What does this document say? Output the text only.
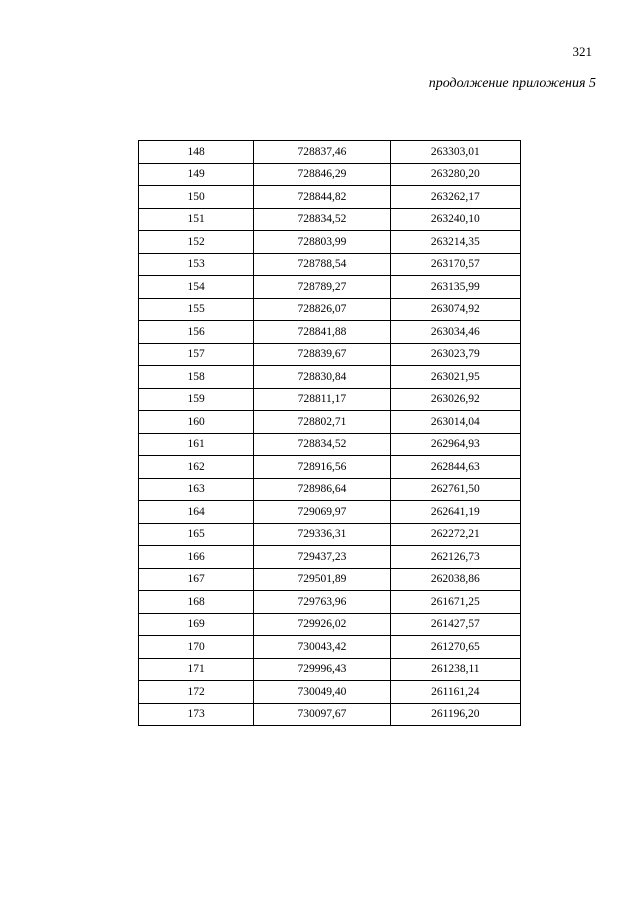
321
продолжение приложения 5
148	728837,46	263303,01
149	728846,29	263280,20
150	728844,82	263262,17
151	728834,52	263240,10
152	728803,99	263214,35
153	728788,54	263170,57
154	728789,27	263135,99
155	728826,07	263074,92
156	728841,88	263034,46
157	728839,67	263023,79
158	728830,84	263021,95
159	728811,17	263026,92
160	728802,71	263014,04
161	728834,52	262964,93
162	728916,56	262844,63
163	728986,64	262761,50
164	729069,97	262641,19
165	729336,31	262272,21
166	729437,23	262126,73
167	729501,89	262038,86
168	729763,96	261671,25
169	729926,02	261427,57
170	730043,42	261270,65
171	729996,43	261238,11
172	730049,40	261161,24
173	730097,67	261196,20
